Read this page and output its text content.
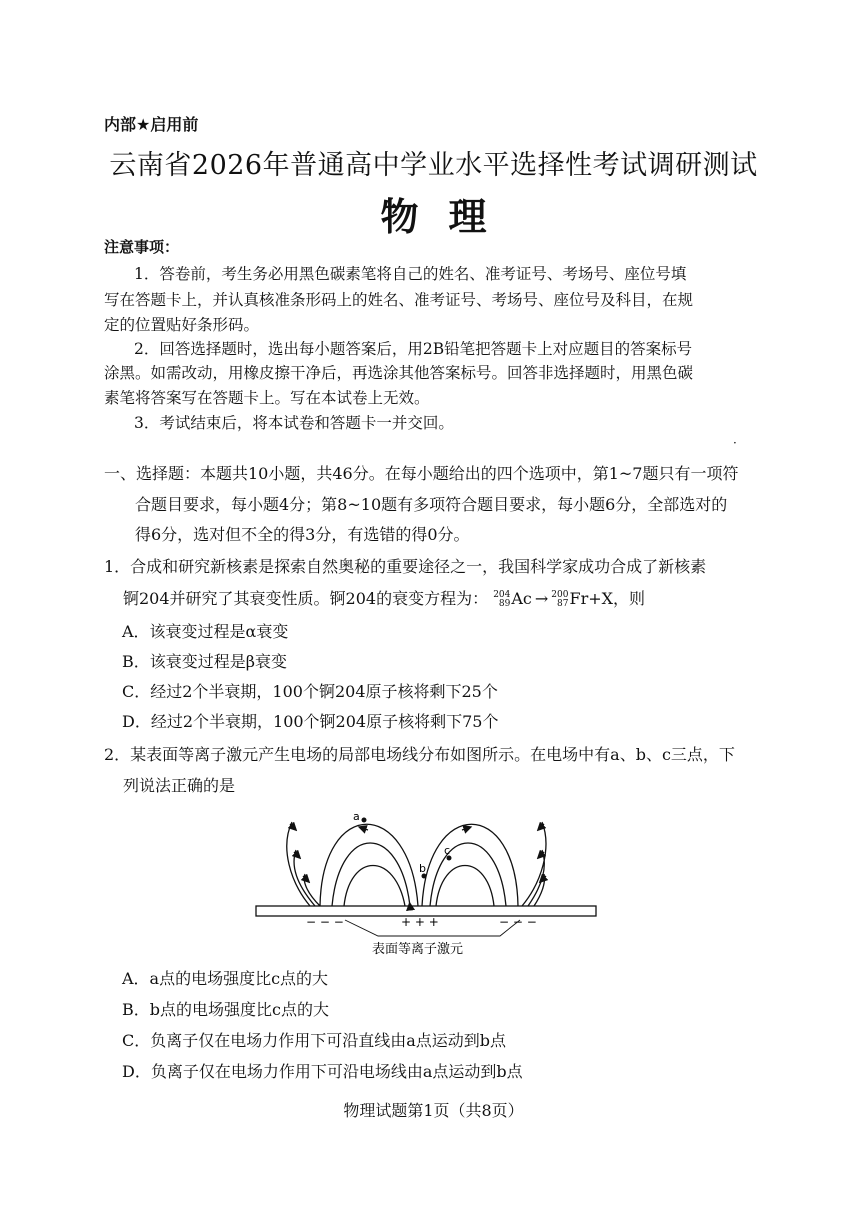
内部★启用前
云南省2026年普通高中学业水平选择性考试调研测试
物理
注意事项：
1．答卷前，考生务必用黑色碳素笔将自己的姓名、准考证号、考场号、座位号填
写在答题卡上，并认真核准条形码上的姓名、准考证号、考场号、座位号及科目，在规
定的位置贴好条形码。
2．回答选择题时，选出每小题答案后，用2B铅笔把答题卡上对应题目的答案标号
涂黑。如需改动，用橡皮擦干净后，再选涂其他答案标号。回答非选择题时，用黑色碳
素笔将答案写在答题卡上。写在本试卷上无效。
3．考试结束后，将本试卷和答题卡一并交回。
·
一、选择题：本题共10小题，共46分。在每小题给出的四个选项中，第1~7题只有一项符
合题目要求，每小题4分；第8~10题有多项符合题目要求，每小题6分，全部选对的
得6分，选对但不全的得3分，有选错的得0分。
1．合成和研究新核素是探索自然奥秘的重要途径之一，我国科学家成功合成了新核素
锕204并研究了其衰变性质。锕204的衰变方程为： 204
89 Ac → 200
87 Fr+X，则
A．该衰变过程是α衰变
B．该衰变过程是β衰变
C．经过2个半衰期，100个锕204原子核将剩下25个
D．经过2个半衰期，100个锕204原子核将剩下75个
2．某表面等离子激元产生电场的局部电场线分布如图所示。在电场中有a、b、c三点，下
列说法正确的是
a
b
c
− − −	+ + +	− − −
表面等离子激元
A．a点的电场强度比c点的大
B．b点的电场强度比c点的大
C．负离子仅在电场力作用下可沿直线由a点运动到b点
D．负离子仅在电场力作用下可沿电场线由a点运动到b点
物理试题第1页（共8页）
